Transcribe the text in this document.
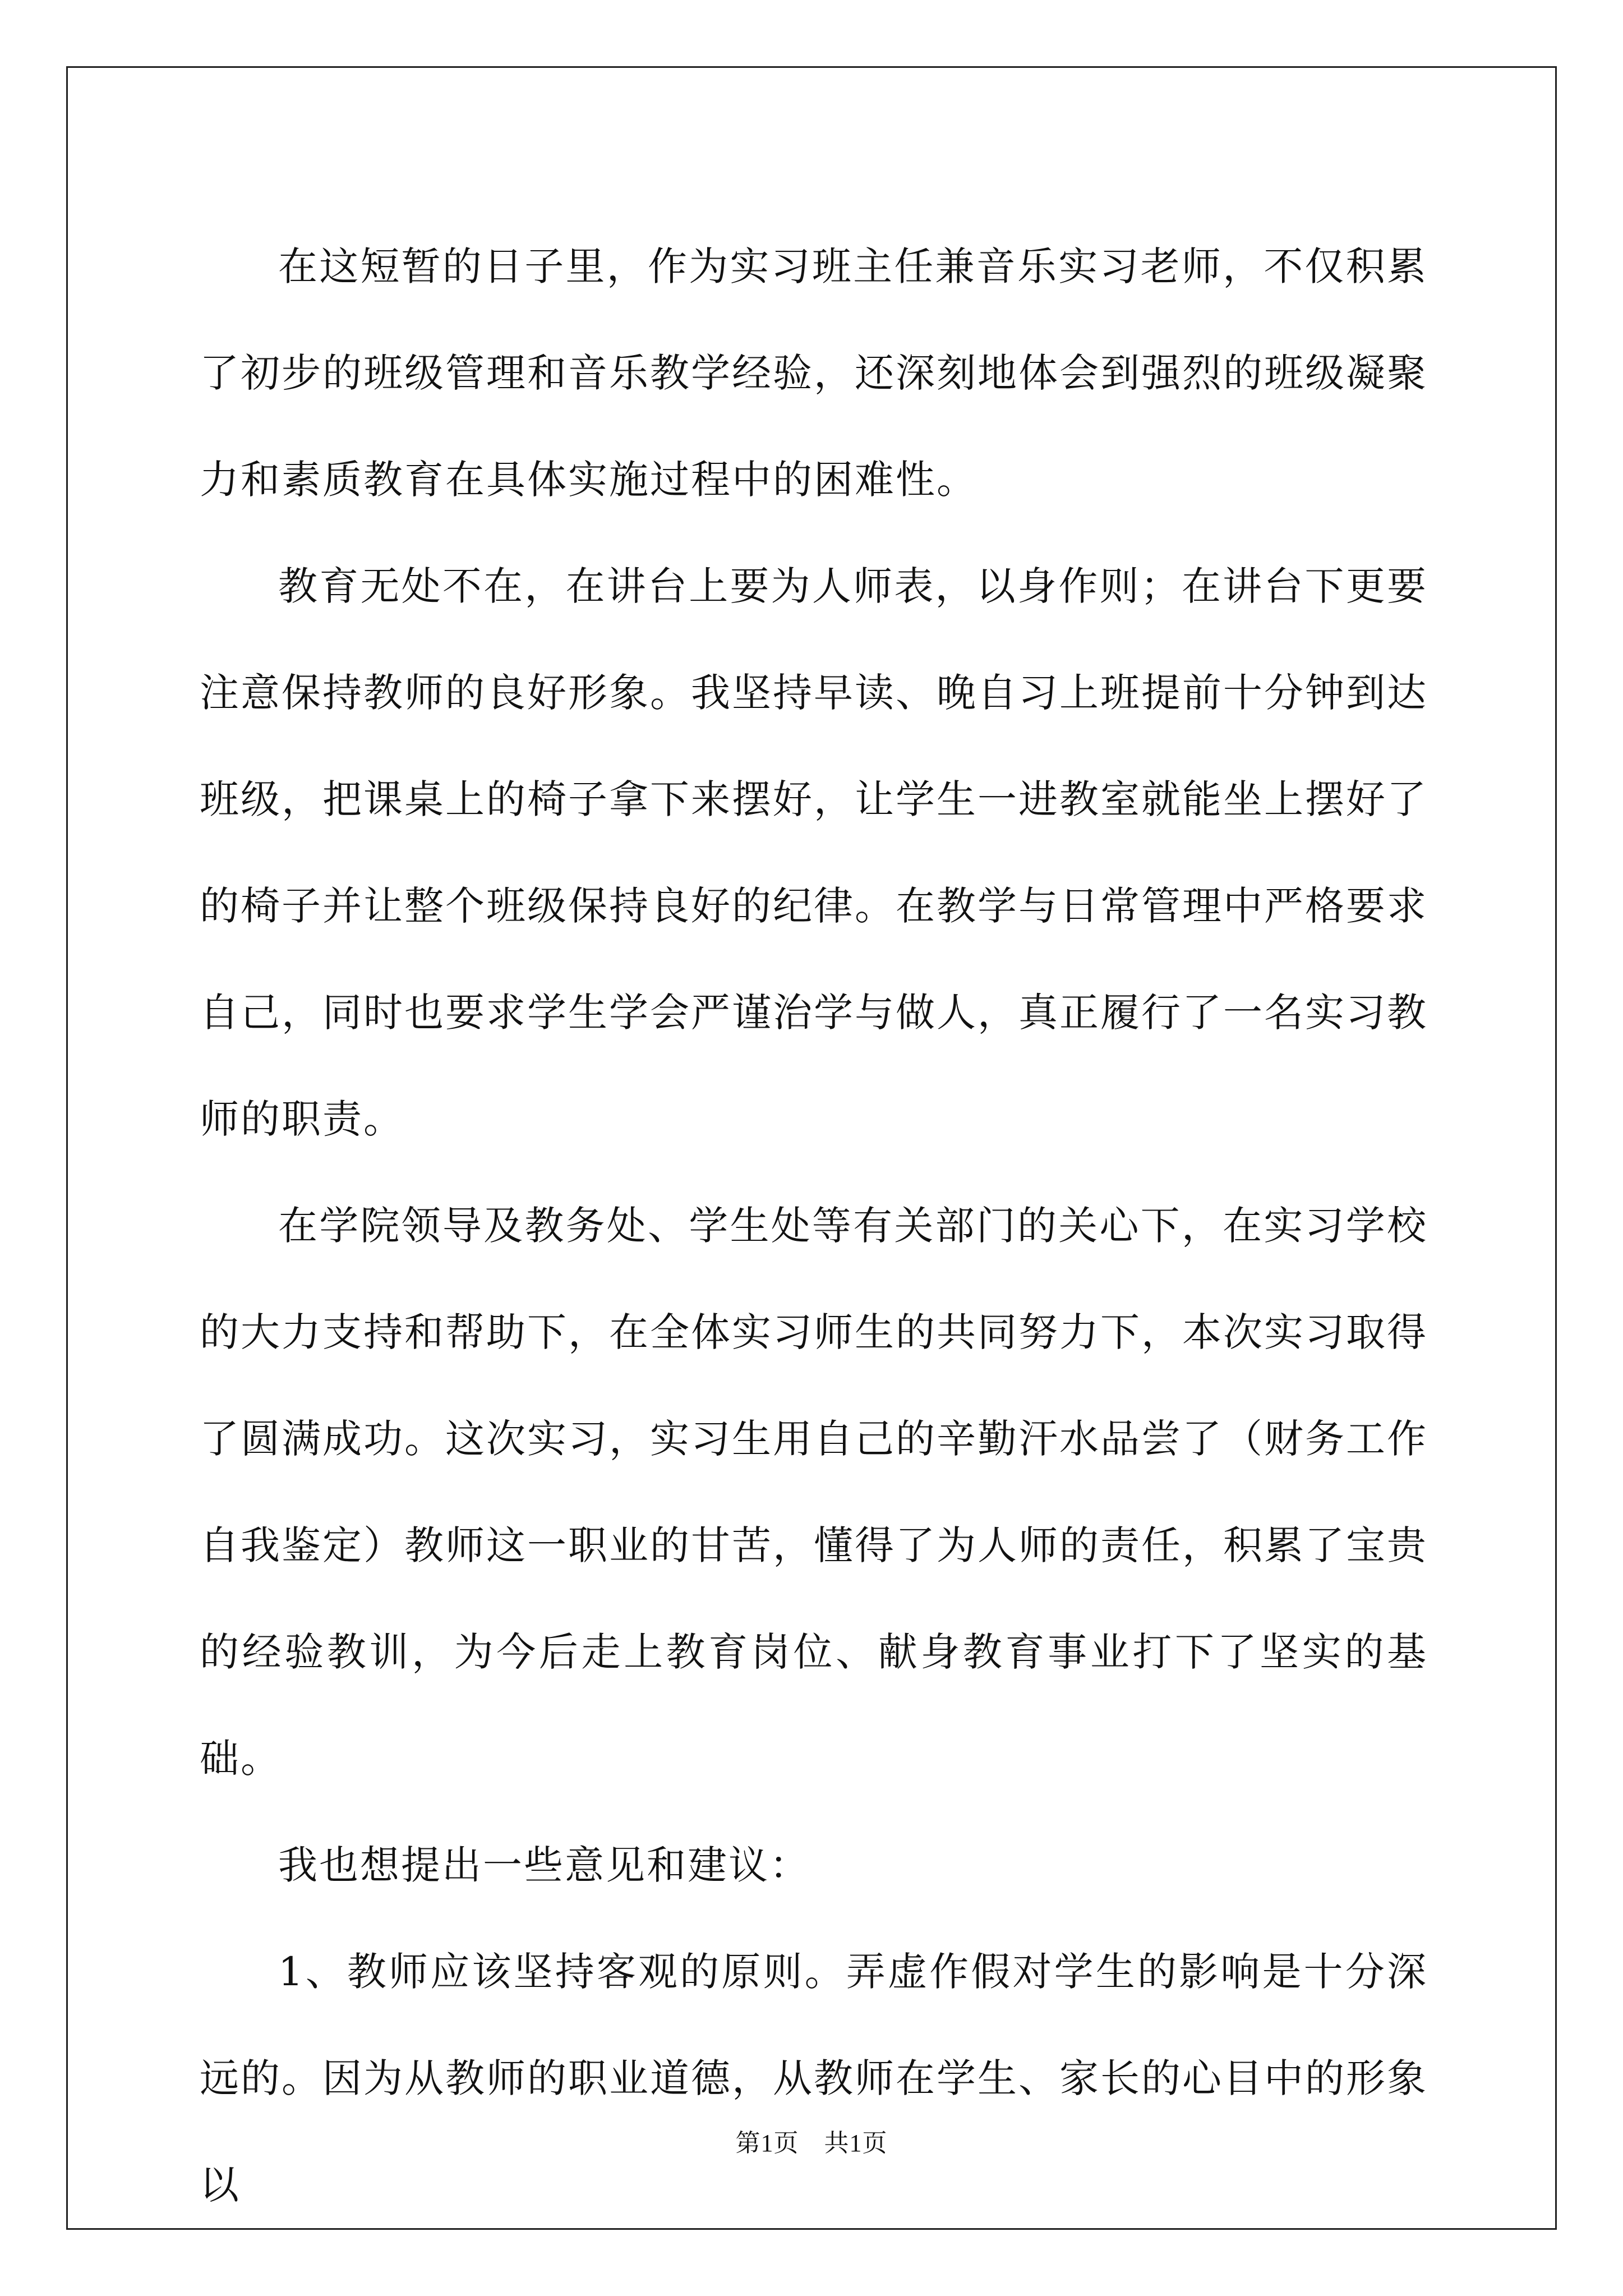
在这短暂的日子里，作为实习班主任兼音乐实习老师，不仅积累了初步的班级管理和音乐教学经验，还深刻地体会到强烈的班级凝聚力和素质教育在具体实施过程中的困难性。

教育无处不在，在讲台上要为人师表，以身作则；在讲台下更要注意保持教师的良好形象。我坚持早读、晚自习上班提前十分钟到达班级，把课桌上的椅子拿下来摆好，让学生一进教室就能坐上摆好了的椅子并让整个班级保持良好的纪律。在教学与日常管理中严格要求自己，同时也要求学生学会严谨治学与做人，真正履行了一名实习教师的职责。

在学院领导及教务处、学生处等有关部门的关心下，在实习学校的大力支持和帮助下，在全体实习师生的共同努力下，本次实习取得了圆满成功。这次实习，实习生用自己的辛勤汗水品尝了（财务工作自我鉴定）教师这一职业的甘苦，懂得了为人师的责任，积累了宝贵的经验教训，为今后走上教育岗位、献身教育事业打下了坚实的基础。

我也想提出一些意见和建议：

1、教师应该坚持客观的原则。弄虚作假对学生的影响是十分深远的。因为从教师的职业道德，从教师在学生、家长的心目中的形象以

第1页　共1页
